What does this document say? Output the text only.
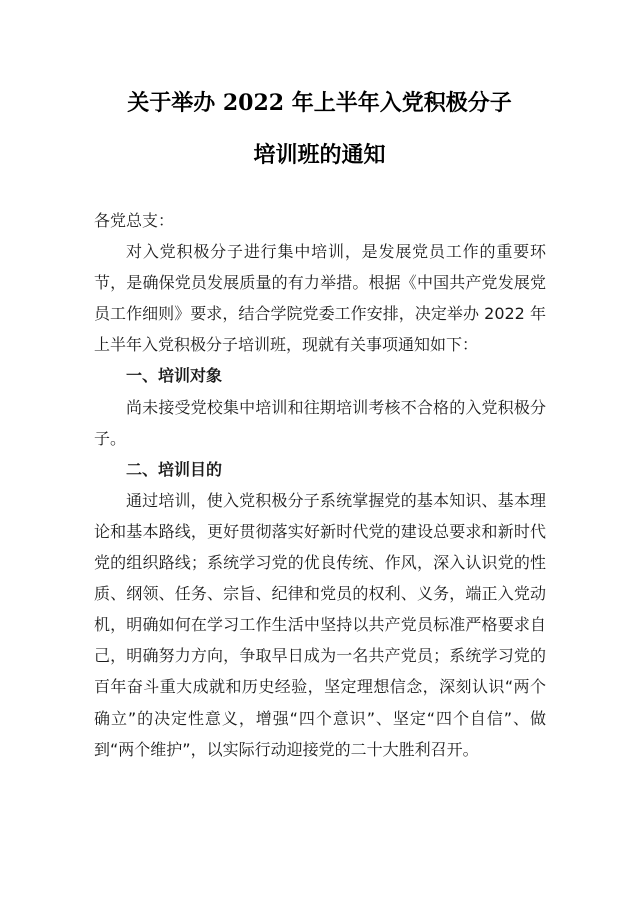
关于举办 2022 年上半年入党积极分子
培训班的通知

各党总支：

对入党积极分子进行集中培训，是发展党员工作的重要环节，是确保党员发展质量的有力举措。根据《中国共产党发展党员工作细则》要求，结合学院党委工作安排，决定举办 2022 年上半年入党积极分子培训班，现就有关事项通知如下：

一、培训对象

尚未接受党校集中培训和往期培训考核不合格的入党积极分子。

二、培训目的

通过培训，使入党积极分子系统掌握党的基本知识、基本理论和基本路线，更好贯彻落实好新时代党的建设总要求和新时代党的组织路线；系统学习党的优良传统、作风，深入认识党的性质、纲领、任务、宗旨、纪律和党员的权利、义务，端正入党动机，明确如何在学习工作生活中坚持以共产党员标准严格要求自己，明确努力方向，争取早日成为一名共产党员；系统学习党的百年奋斗重大成就和历史经验，坚定理想信念，深刻认识“两个确立”的决定性意义，增强“四个意识”、坚定“四个自信”、做到“两个维护”，以实际行动迎接党的二十大胜利召开。
